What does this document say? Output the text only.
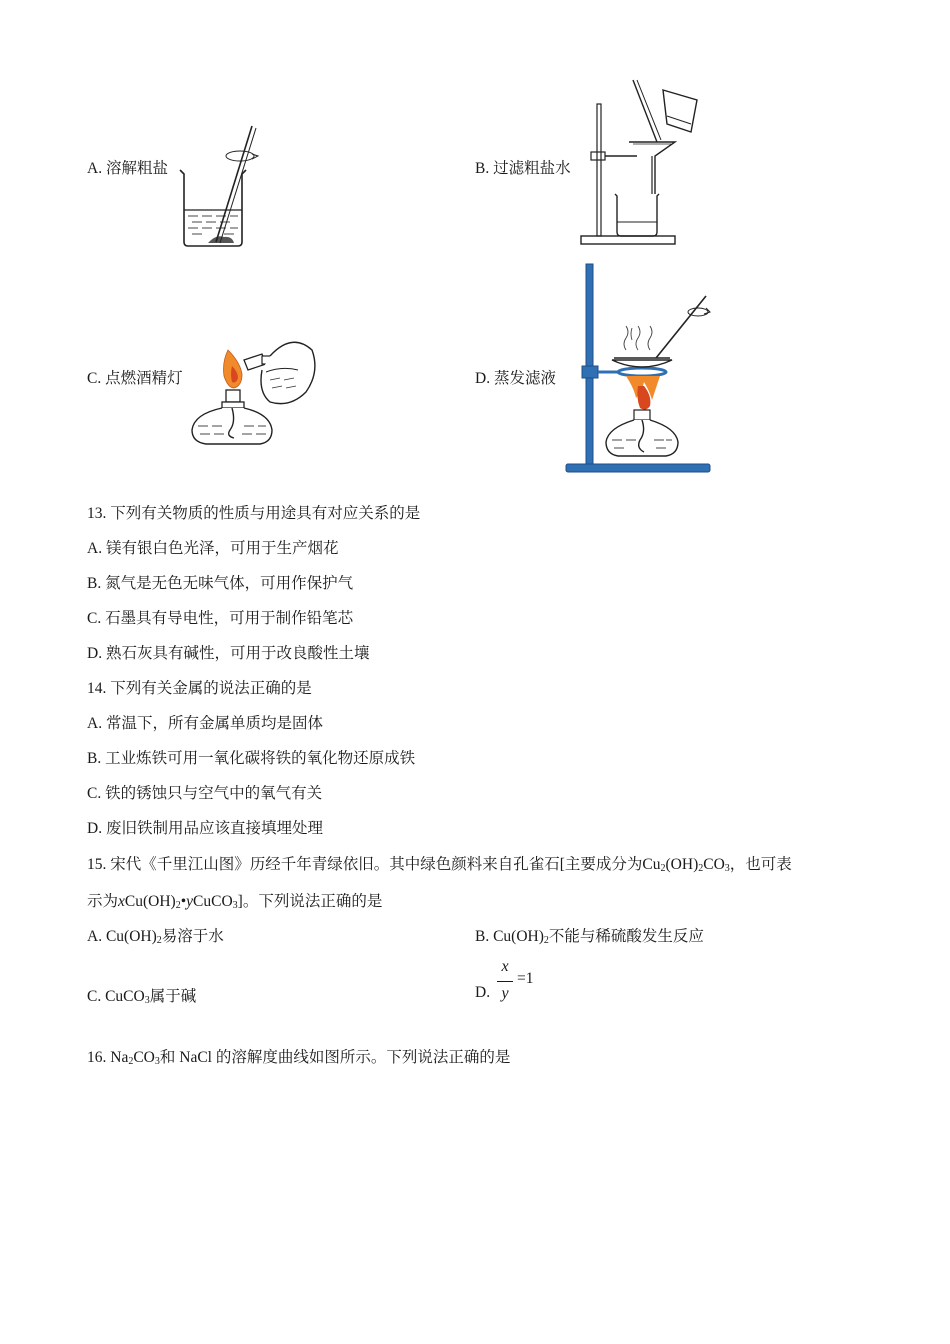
A. 溶解粗盐	B. 过滤粗盐水
C. 点燃酒精灯	D. 蒸发滤液
13. 下列有关物质的性质与用途具有对应关系的是
A. 镁有银白色光泽，可用于生产烟花
B. 氮气是无色无味气体，可用作保护气
C. 石墨具有导电性，可用于制作铅笔芯
D. 熟石灰具有碱性，可用于改良酸性土壤
14. 下列有关金属的说法正确的是
A. 常温下，所有金属单质均是固体
B. 工业炼铁可用一氧化碳将铁的氧化物还原成铁
C. 铁的锈蚀只与空气中的氧气有关
D. 废旧铁制用品应该直接填埋处理
15. 宋代《千里江山图》历经千年青绿依旧。其中绿色颜料来自孔雀石[主要成分为$Cu_2(OH)_2CO_3$，也可表
示为$xCu(OH)_2•yCuCO_3$]。下列说法正确的是
A. $Cu(OH)_2$易溶于水	B. $Cu(OH)_2$不能与稀硫酸发生反应
C. CuCO$_3$属于碱	D.
x
y
=1
16. $Na_2CO_3$和 NaCl 的溶解度曲线如图所示。下列说法正确的是
